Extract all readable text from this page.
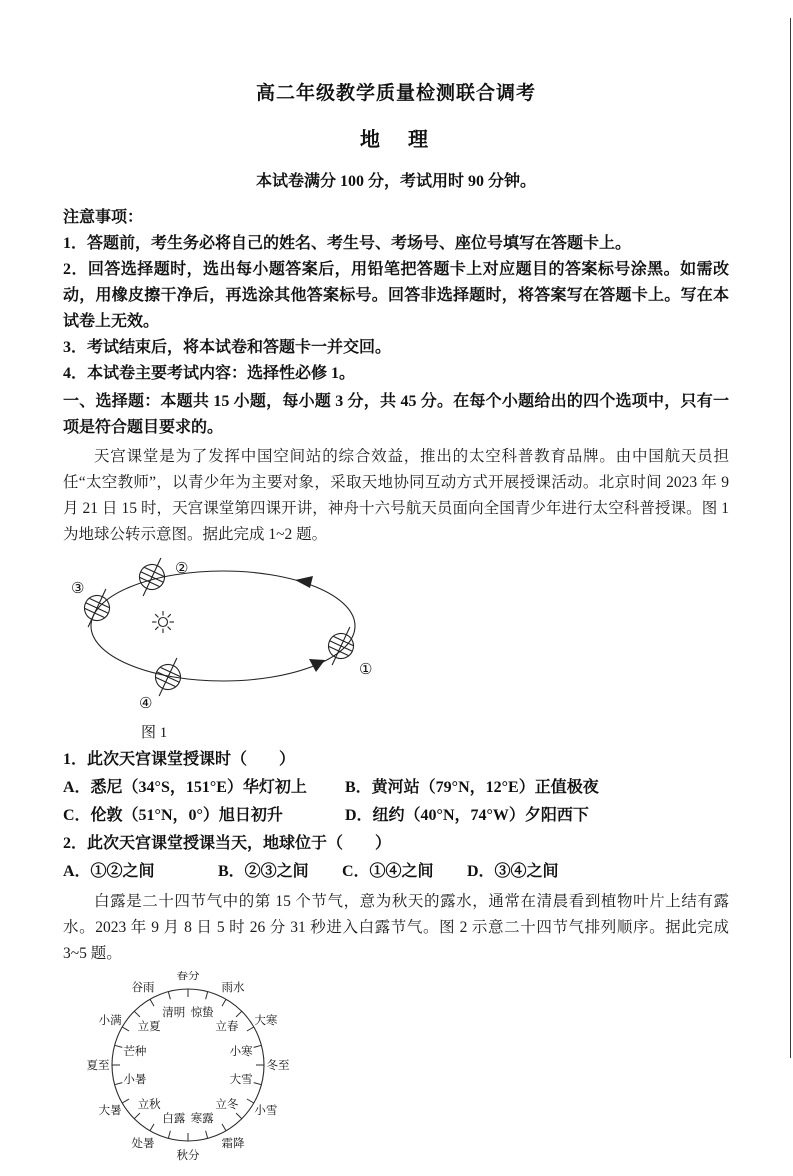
高二年级教学质量检测联合调考
地　理
本试卷满分 100 分，考试用时 90 分钟。
注意事项：

1．答题前，考生务必将自己的姓名、考生号、考场号、座位号填写在答题卡上。

2．回答选择题时，选出每小题答案后，用铅笔把答题卡上对应题目的答案标号涂黑。如需改动，用橡皮擦干净后，再选涂其他答案标号。回答非选择题时，将答案写在答题卡上。写在本试卷上无效。

3．考试结束后，将本试卷和答题卡一并交回。

4．本试卷主要考试内容：选择性必修 1。

一、选择题：本题共 15 小题，每小题 3 分，共 45 分。在每个小题给出的四个选项中，只有一项是符合题目要求的。

天宫课堂是为了发挥中国空间站的综合效益，推出的太空科普教育品牌。由中国航天员担任“太空教师”，以青少年为主要对象，采取天地协同互动方式开展授课活动。北京时间 2023 年 9 月 21 日 15 时，天宫课堂第四课开讲，神舟十六号航天员面向全国青少年进行太空科普授课。图 1 为地球公转示意图。据此完成 1~2 题。

②
③
①
④
图 1

1．此次天宫课堂授课时（　　）

A．悉尼（34°S，151°E）华灯初上	B．黄河站（79°N，12°E）正值极夜
C．伦敦（51°N，0°）旭日初升	D．纽约（40°N，74°W）夕阳西下

2．此次天宫课堂授课当天，地球位于（　　）

A．①②之间	B．②③之间	C．①④之间	D．③④之间

白露是二十四节气中的第 15 个节气，意为秋天的露水，通常在清晨看到植物叶片上结有露水。2023 年 9 月 8 日 5 时 26 分 31 秒进入白露节气。图 2 示意二十四节气排列顺序。据此完成 3~5 题。

春分
清明
谷雨
立夏
小满
芒种
夏至
小暑
大暑
立秋
处暑
白露
秋分
寒露
霜降
立冬
小雪
大雪
冬至
小寒
大寒
立春
雨水
惊蛰
